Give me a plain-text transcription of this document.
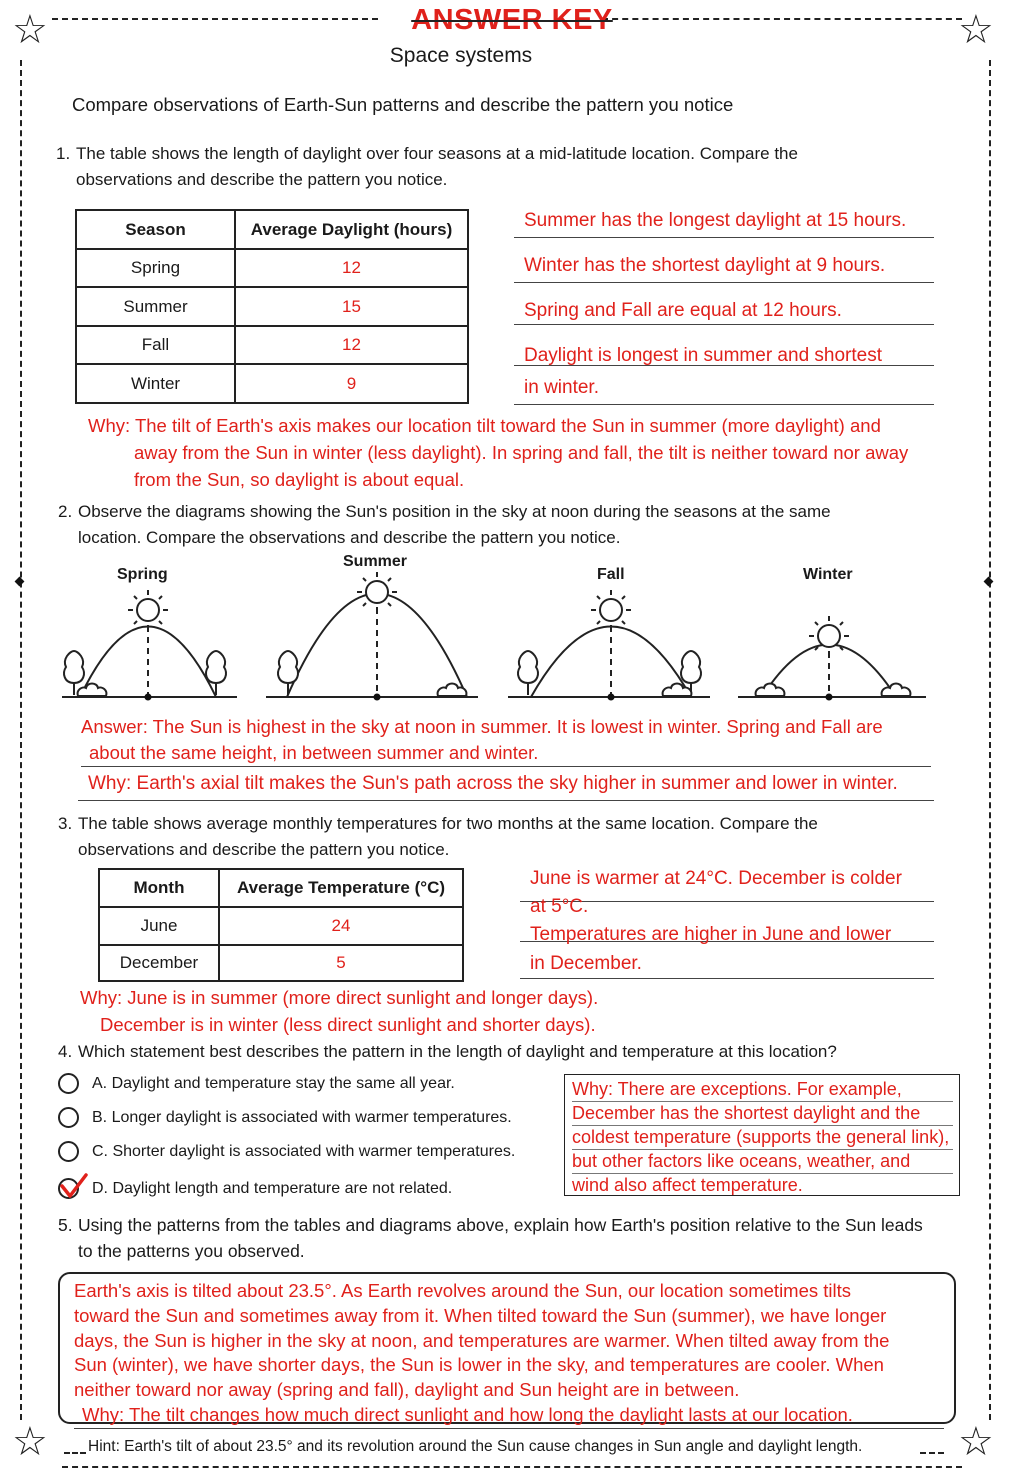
☆	☆
☆	☆
ANSWER KEY
Space systems
Compare observations of Earth-Sun patterns and describe the pattern you notice
1. The table shows the length of daylight over four seasons at a mid-latitude location. Compare the observations and describe the pattern you notice.
Season	Average Daylight (hours)
Spring	12
Summer	15
Fall	12
Winter	9
Summer has the longest daylight at 15 hours.
Winter has the shortest daylight at 9 hours.
Spring and Fall are equal at 12 hours.
Daylight is longest in summer and shortest
in winter.
Why: The tilt of Earth's axis makes our location tilt toward the Sun in summer (more daylight) and
away from the Sun in winter (less daylight). In spring and fall, the tilt is neither toward nor away
from the Sun, so daylight is about equal.
2. Observe the diagrams showing the Sun's position in the sky at noon during the seasons at the same location. Compare the observations and describe the pattern you notice.
Spring
Summer
Fall	Winter
Answer: The Sun is highest in the sky at noon in summer. It is lowest in winter. Spring and Fall are
about the same height, in between summer and winter.
Why: Earth's axial tilt makes the Sun's path across the sky higher in summer and lower in winter.
3. The table shows average monthly temperatures for two months at the same location. Compare the observations and describe the pattern you notice.
Month	Average Temperature (°C)
June	24
December	5
June is warmer at 24°C. December is colder
at 5°C.
Temperatures are higher in June and lower
in December.
Why: June is in summer (more direct sunlight and longer days).
December is in winter (less direct sunlight and shorter days).
4. Which statement best describes the pattern in the length of daylight and temperature at this location?
A. Daylight and temperature stay the same all year.
B. Longer daylight is associated with warmer temperatures.
C. Shorter daylight is associated with warmer temperatures.
D. Daylight length and temperature are not related.
Why: There are exceptions. For example,
December has the shortest daylight and the
coldest temperature (supports the general link),
but other factors like oceans, weather, and
wind also affect temperature.
5. Using the patterns from the tables and diagrams above, explain how Earth's position relative to the Sun leads to the patterns you observed.
Earth's axis is tilted about 23.5°. As Earth revolves around the Sun, our location sometimes tilts
toward the Sun and sometimes away from it. When tilted toward the Sun (summer), we have longer
days, the Sun is higher in the sky at noon, and temperatures are warmer. When tilted away from the
Sun (winter), we have shorter days, the Sun is lower in the sky, and temperatures are cooler. When
neither toward nor away (spring and fall), daylight and Sun height are in between.
Why: The tilt changes how much direct sunlight and how long the daylight lasts at our location.
Hint: Earth's tilt of about 23.5° and its revolution around the Sun cause changes in Sun angle and daylight length.
